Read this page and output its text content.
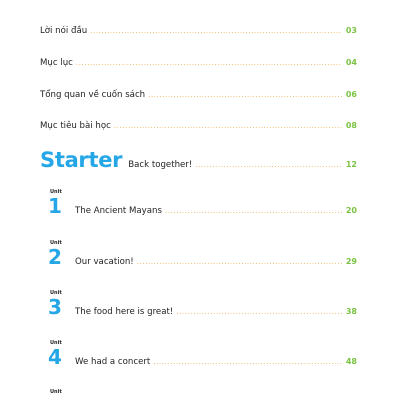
Lời nói đầu .....	03
Mục lục .....	04
Tổng quan về cuốn sách .....	06
Mục tiêu bài học .....	08
Starter Back together! .....	12
Unit
1	The Ancient Mayans .....	20
Unit
2	Our vacation! .....	29
Unit
3	The food here is great! .....	38
Unit
4	We had a concert .....	48
Unit
